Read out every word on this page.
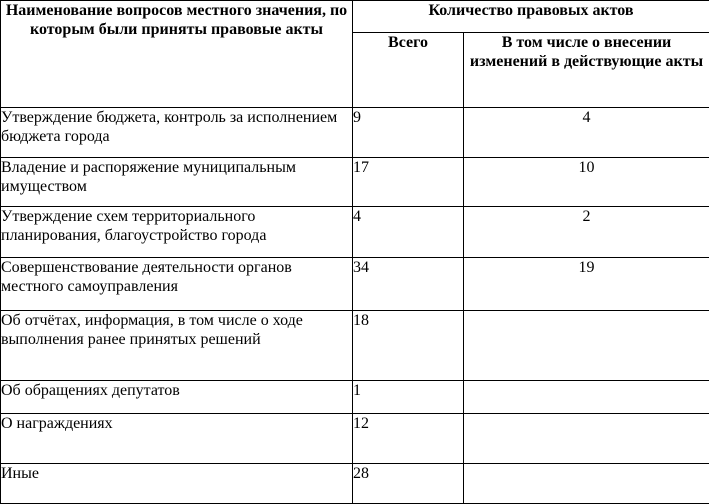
Наименование вопросов местного значения, по которым были приняты правовые акты	Количество правовых актов	
	Всего	В том числе о внесении изменений в действующие акты
Утверждение бюджета, контроль за исполнением бюджета города	9	4
Владение и распоряжение муниципальным имуществом	17	10
Утверждение схем территориального планирования, благоустройство города	4	2
Совершенствование деятельности органов местного самоуправления	34	19
Об отчётах, информация, в том числе о ходе выполнения ранее принятых решений	18	
Об обращениях депутатов	1	
О награждениях	12	
Иные	28	
